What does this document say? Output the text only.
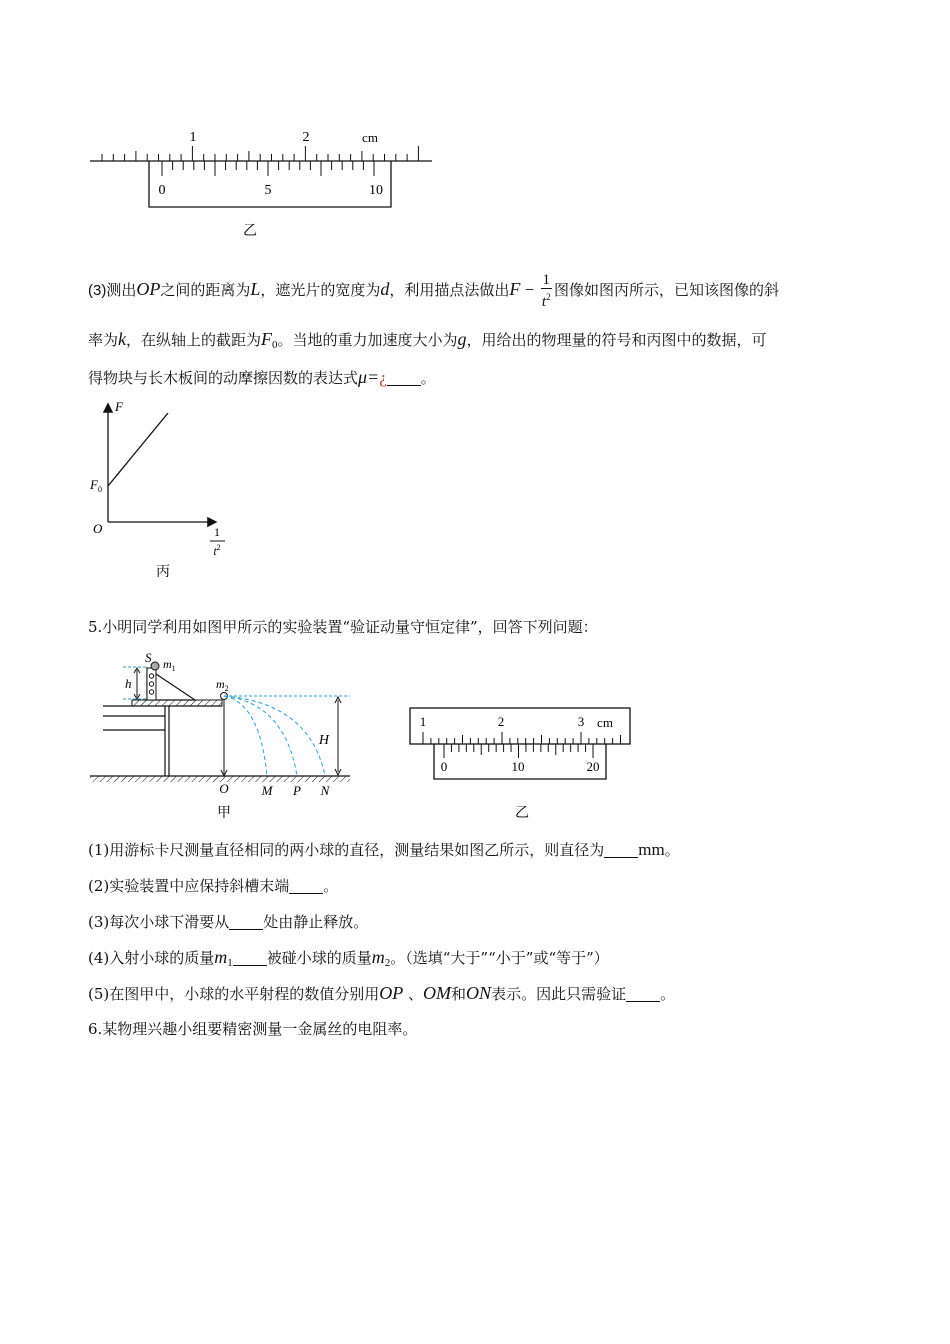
1	2	cm
0	5	10
乙
(3)测出OP之间的距离为L，遮光片的宽度为d，利用描点法做出$F - \frac{1}{t^2}$ 图像如图丙所示，已知该图像的斜
率为k，在纵轴上的截距为$F_0$。当地的重力加速度大小为g，用给出的物理量的符号和丙图中的数据，可
得物块与长木板间的动摩擦因数的表达式μ=¿ 。
F
$F_0$
O	1
$t^2$
丙
5.小明同学利用如图甲所示的实验装置“验证动量守恒定律”，回答下列问题：
S $m_1$
$m_2$
h
H
O	M P N
甲
1	2	3 cm
0	10	20
乙
(1)用游标卡尺测量直径相同的两小球的直径，测量结果如图乙所示，则直径为 mm。
(2)实验装置中应保持斜槽末端 。
(3)每次小球下滑要从 处由静止释放。
(4)入射小球的质量$m_1$ 被碰小球的质量$m_2$。（选填“大于”“小于”或“等于”）
(5)在图甲中，小球的水平射程的数值分别用OP 、OM和ON表示。因此只需验证 。
6.某物理兴趣小组要精密测量一金属丝的电阻率。
